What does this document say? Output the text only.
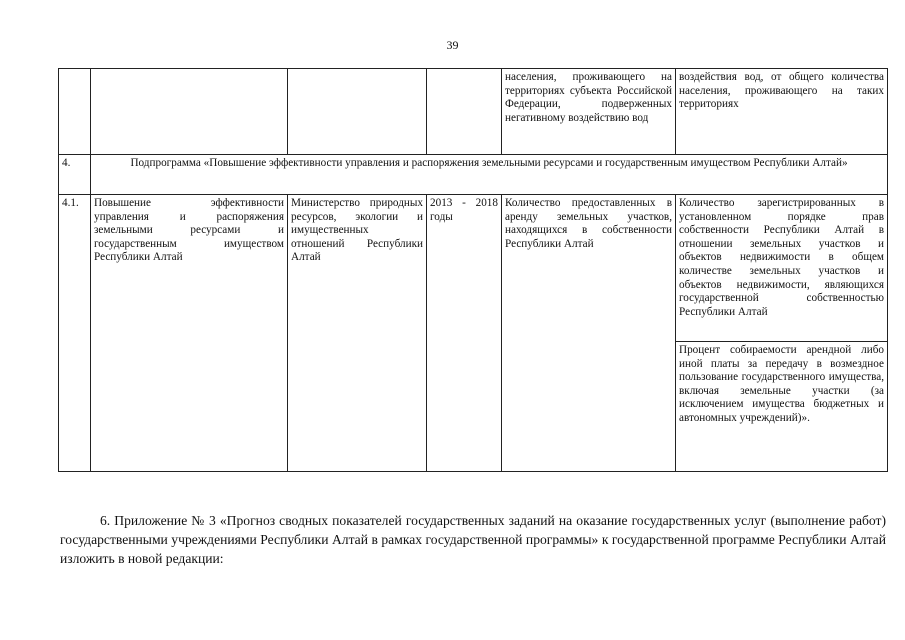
39
				населения, проживающего на территориях субъекта Российской Федерации, подверженных негативному воздействию вод	воздействия вод, от общего количества населения, проживающего на таких территориях
4.	Подпрограмма «Повышение эффективности управления и распоряжения земельными ресурсами и государственным имуществом Республики Алтай»				
4.1.	Повышение эффективности управления и распоряжения земельными ресурсами и государственным имуществом Республики Алтай	Министерство природных ресурсов, экологии и имущественных отношений Республики Алтай	2013 - 2018 годы	Количество предоставленных в аренду земельных участков, находящихся в собственности Республики Алтай	Количество зарегистрированных в установленном порядке прав собственности Республики Алтай в отношении земельных участков и объектов недвижимости в общем количестве земельных участков и объектов недвижимости, являющихся государственной собственностью Республики Алтай
					Процент собираемости арендной либо иной платы за передачу в возмездное пользование государственного имущества, включая земельные участки (за исключением имущества бюджетных и автономных учреждений)».

6. Приложение № 3 «Прогноз сводных показателей государственных заданий на оказание государственных услуг (выполнение работ) государственными учреждениями Республики Алтай в рамках государственной программы» к государственной программе Республики Алтай изложить в новой редакции:
